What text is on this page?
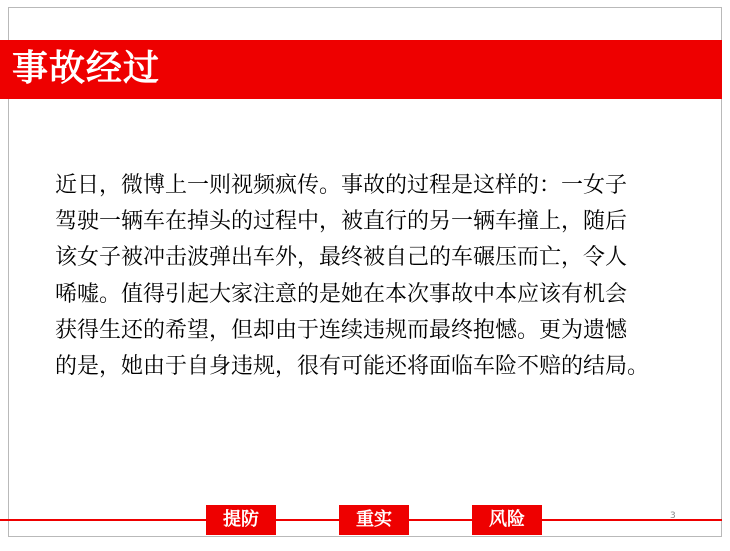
事故经过
近日，微博上一则视频疯传。事故的过程是这样的：一女子
驾驶一辆车在掉头的过程中，被直行的另一辆车撞上，随后
该女子被冲击波弹出车外，最终被自己的车碾压而亡，令人
唏嘘。值得引起大家注意的是她在本次事故中本应该有机会
获得生还的希望，但却由于连续违规而最终抱憾。更为遗憾
的是，她由于自身违规，很有可能还将面临车险不赔的结局。
提防	重实	风险	3
